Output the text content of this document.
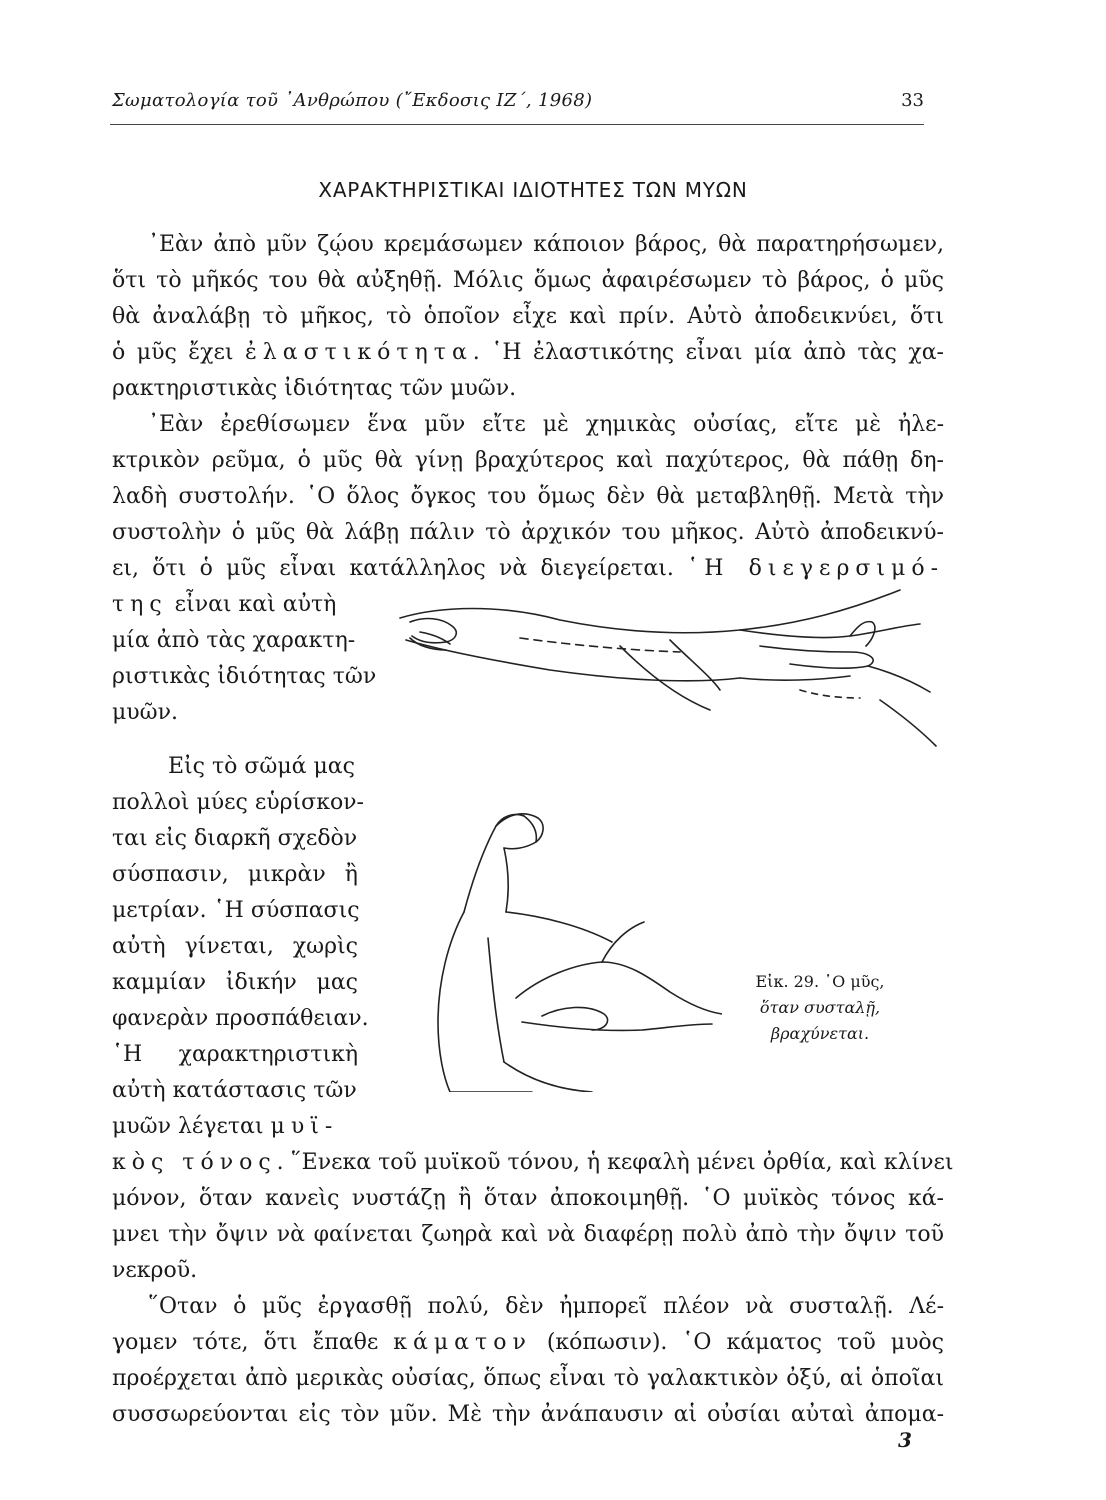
Σωματολογία τοῦ ᾿Ανθρώπου (῎Εκδοσις ΙΖ΄, 1968)	33
ΧΑΡΑΚΤΗΡΙΣΤΙΚΑΙ ΙΔΙΟΤΗΤΕΣ ΤΩΝ ΜΥΩΝ
᾿Εὰν ἀπὸ μῦν ζῴου κρεμάσωμεν κάποιον βάρος, θὰ παρατηρήσωμεν,
ὅτι τὸ μῆκός του θὰ αὐξηθῇ. Μόλις ὅμως ἀφαιρέσωμεν τὸ βάρος, ὁ μῦς
θὰ ἀναλάβῃ τὸ μῆκος, τὸ ὁποῖον εἶχε καὶ πρίν. Αὐτὸ ἀποδεικνύει, ὅτι
ὁ μῦς ἔχει ἐλαστικότητα. ῾Η ἐλαστικότης εἶναι μία ἀπὸ τὰς χα-
ρακτηριστικὰς ἰδιότητας τῶν μυῶν.
᾿Εὰν ἐρεθίσωμεν ἕνα μῦν εἴτε μὲ χημικὰς οὐσίας, εἴτε μὲ ἠλε-
κτρικὸν ρεῦμα, ὁ μῦς θὰ γίνῃ βραχύτερος καὶ παχύτερος, θὰ πάθῃ δη-
λαδὴ συστολήν. ῾Ο ὅλος ὄγκος του ὅμως δὲν θὰ μεταβληθῇ. Μετὰ τὴν
συστολὴν ὁ μῦς θὰ λάβῃ πάλιν τὸ ἀρχικόν του μῆκος. Αὐτὸ ἀποδεικνύ-
ει, ὅτι ὁ μῦς εἶναι κατάλληλος νὰ διεγείρεται. ῾Η διεγερσιμό-
της εἶναι καὶ αὐτὴ
μία ἀπὸ τὰς χαρακτη-
ριστικὰς ἰδιότητας τῶν
μυῶν.
Εἰς τὸ σῶμά μας
πολλοὶ μύες εὑρίσκον-
ται εἰς διαρκῆ σχεδὸν
σύσπασιν, μικρὰν ἢ
μετρίαν. ῾Η σύσπασις
αὐτὴ γίνεται, χωρὶς
καμμίαν ἰδικήν μας
φανερὰν προσπάθειαν.
῾Η χαρακτηριστικὴ
αὐτὴ κατάστασις τῶν
μυῶν λέγεται μυϊ-
κὸς τόνος. ῞Ενεκα τοῦ μυϊκοῦ τόνου, ἡ κεφαλὴ μένει ὀρθία, καὶ κλίνει
μόνον, ὅταν κανεὶς νυστάζῃ ἢ ὅταν ἀποκοιμηθῇ. ῾Ο μυϊκὸς τόνος κά-
μνει τὴν ὄψιν νὰ φαίνεται ζωηρὰ καὶ νὰ διαφέρῃ πολὺ ἀπὸ τὴν ὄψιν τοῦ
νεκροῦ.
Εἰκ. 29. ῾Ο μῦς,
ὅταν συσταλῇ,
βραχύνεται.
῞Οταν ὁ μῦς ἐργασθῇ πολύ, δὲν ἠμπορεῖ πλέον νὰ συσταλῇ. Λέ-
γομεν τότε, ὅτι ἔπαθε κάματον (κόπωσιν). ῾Ο κάματος τοῦ μυὸς
προέρχεται ἀπὸ μερικὰς οὐσίας, ὅπως εἶναι τὸ γαλακτικὸν ὀξύ, αἱ ὁποῖαι
συσσωρεύονται εἰς τὸν μῦν. Μὲ τὴν ἀνάπαυσιν αἱ οὐσίαι αὐταὶ ἀπομα-
3
